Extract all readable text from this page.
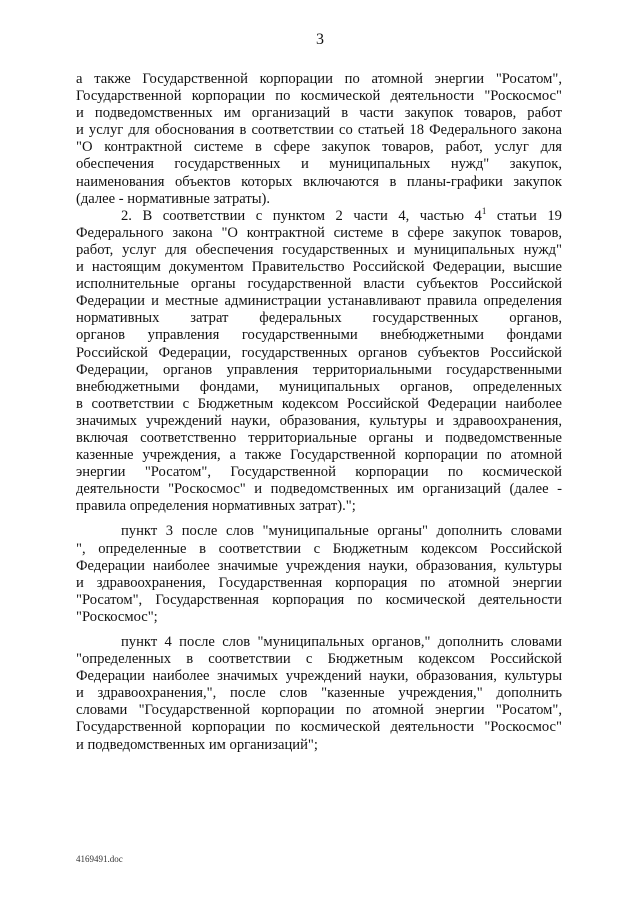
3
а также Государственной корпорации по атомной энергии "Росатом",
Государственной корпорации по космической деятельности "Роскосмос"
и подведомственных им организаций в части закупок товаров, работ
и услуг для обоснования в соответствии со статьей 18 Федерального закона
"О контрактной системе в сфере закупок товаров, работ, услуг для
обеспечения государственных и муниципальных нужд" закупок,
наименования объектов которых включаются в планы-графики закупок
(далее - нормативные затраты).
2. В соответствии с пунктом 2 части 4, частью $4^1$ статьи 19
Федерального закона "О контрактной системе в сфере закупок товаров,
работ, услуг для обеспечения государственных и муниципальных нужд"
и настоящим документом Правительство Российской Федерации, высшие
исполнительные органы государственной власти субъектов Российской
Федерации и местные администрации устанавливают правила определения
нормативных затрат федеральных государственных органов,
органов управления государственными внебюджетными фондами
Российской Федерации, государственных органов субъектов Российской
Федерации, органов управления территориальными государственными
внебюджетными фондами, муниципальных органов, определенных
в соответствии с Бюджетным кодексом Российской Федерации наиболее
значимых учреждений науки, образования, культуры и здравоохранения,
включая соответственно территориальные органы и подведомственные
казенные учреждения, а также Государственной корпорации по атомной
энергии "Росатом", Государственной корпорации по космической
деятельности "Роскосмос" и подведомственных им организаций (далее -
правила определения нормативных затрат).";
пункт 3 после слов "муниципальные органы" дополнить словами
", определенные в соответствии с Бюджетным кодексом Российской
Федерации наиболее значимые учреждения науки, образования, культуры
и здравоохранения, Государственная корпорация по атомной энергии
"Росатом", Государственная корпорация по космической деятельности
"Роскосмос";
пункт 4 после слов "муниципальных органов," дополнить словами
"определенных в соответствии с Бюджетным кодексом Российской
Федерации наиболее значимых учреждений науки, образования, культуры
и здравоохранения,", после слов "казенные учреждения," дополнить
словами "Государственной корпорации по атомной энергии "Росатом",
Государственной корпорации по космической деятельности "Роскосмос"
и подведомственных им организаций";
4169491.doc
